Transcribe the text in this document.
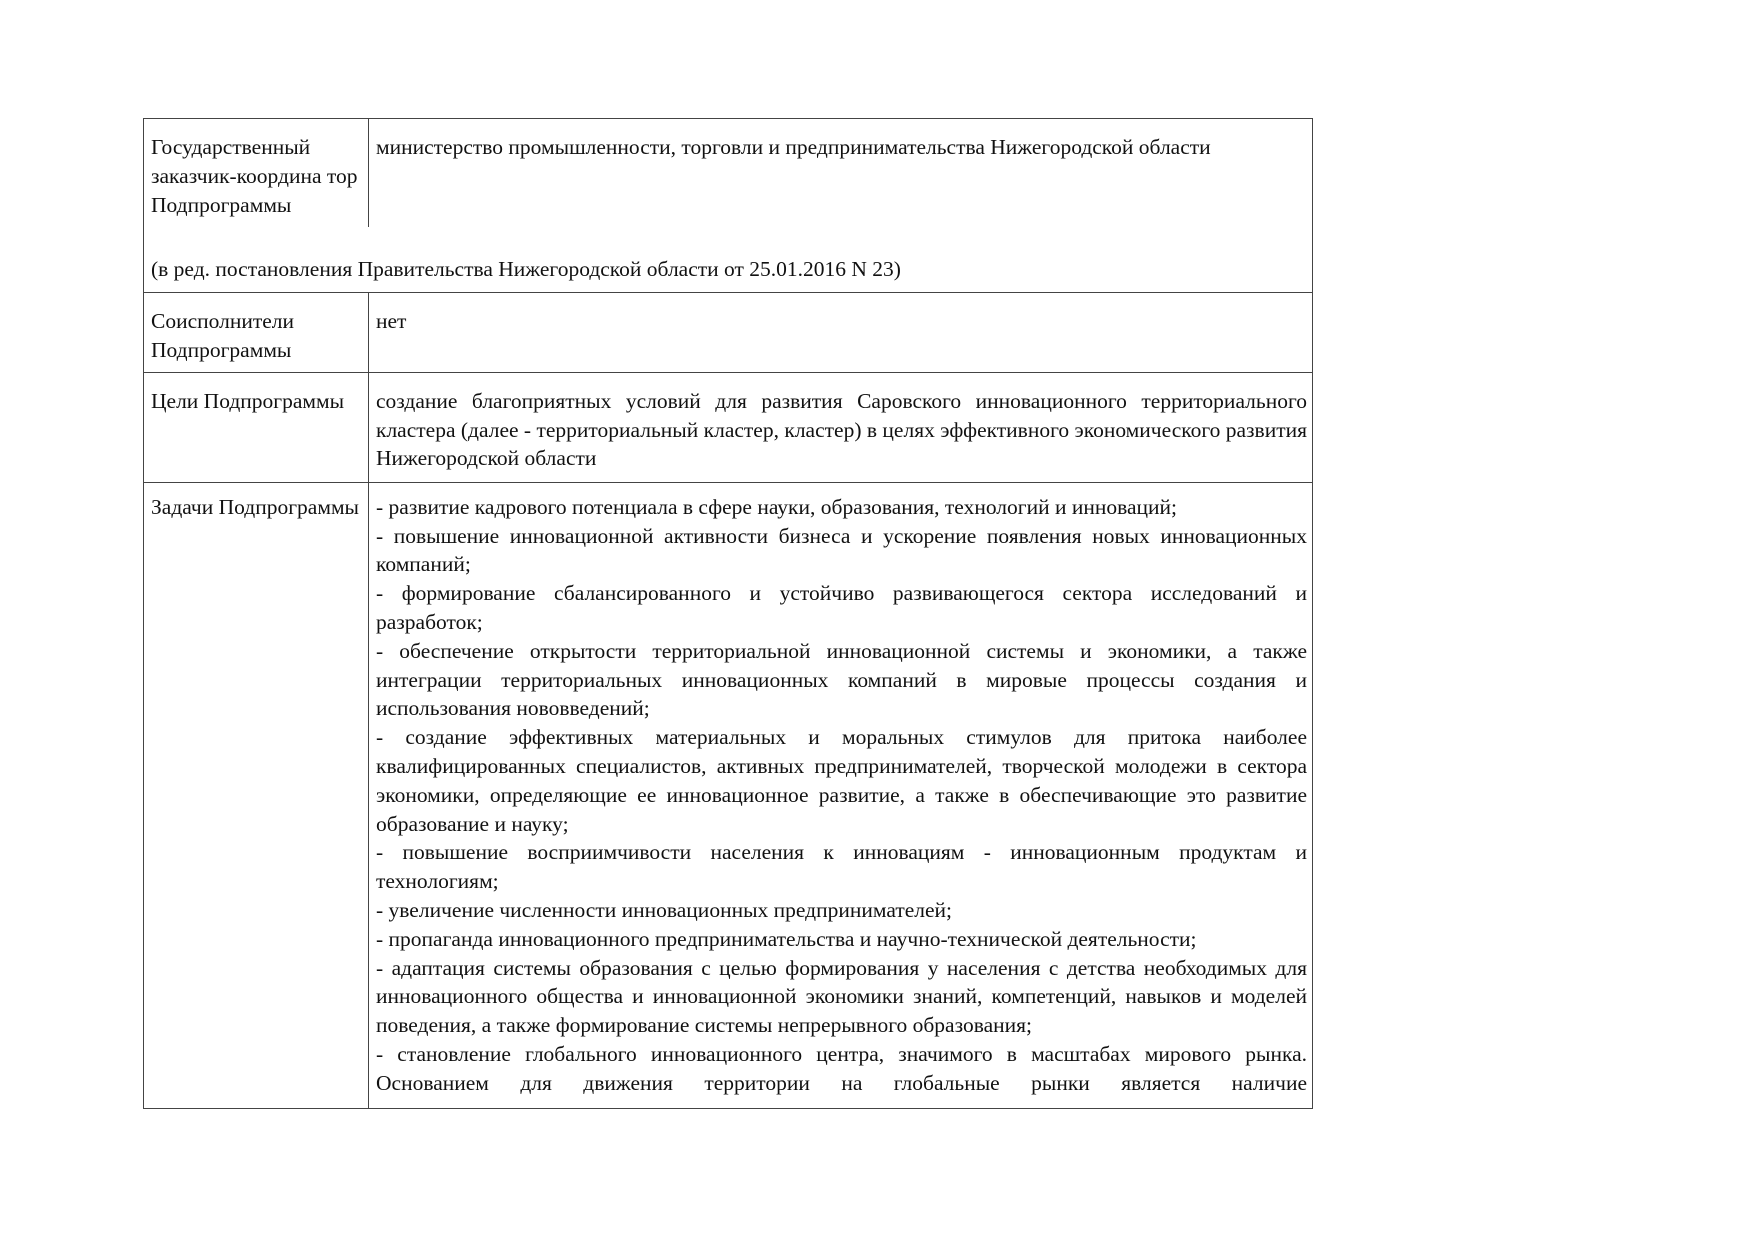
Государственный заказчик-координа тор Подпрограммы
министерство промышленности, торговли и предпринимательства Нижегородской области
(в ред. постановления Правительства Нижегородской области от 25.01.2016 N 23)
Соисполнители Подпрограммы
нет
Цели Подпрограммы	создание благоприятных условий для развития Саровского инновационного территориального кластера (далее - территориальный кластер, кластер) в целях эффективного экономического развития Нижегородской области
Задачи Подпрограммы - развитие кадрового потенциала в сфере науки, образования, технологий и инноваций;

- повышение инновационной активности бизнеса и ускорение появления новых инновационных компаний;

- формирование сбалансированного и устойчиво развивающегося сектора исследований и разработок;

- обеспечение открытости территориальной инновационной системы и экономики, а также интеграции территориальных инновационных компаний в мировые процессы создания и использования нововведений;

- создание эффективных материальных и моральных стимулов для притока наиболее квалифицированных специалистов, активных предпринимателей, творческой молодежи в сектора экономики, определяющие ее инновационное развитие, а также в обеспечивающие это развитие образование и науку;

- повышение восприимчивости населения к инновациям - инновационным продуктам и технологиям;

- увеличение численности инновационных предпринимателей;

- пропаганда инновационного предпринимательства и научно-технической деятельности;

- адаптация системы образования с целью формирования у населения с детства необходимых для инновационного общества и инновационной экономики знаний, компетенций, навыков и моделей поведения, а также формирование системы непрерывного образования;

- становление глобального инновационного центра, значимого в масштабах мирового рынка. Основанием для движения территории на глобальные рынки является наличие
